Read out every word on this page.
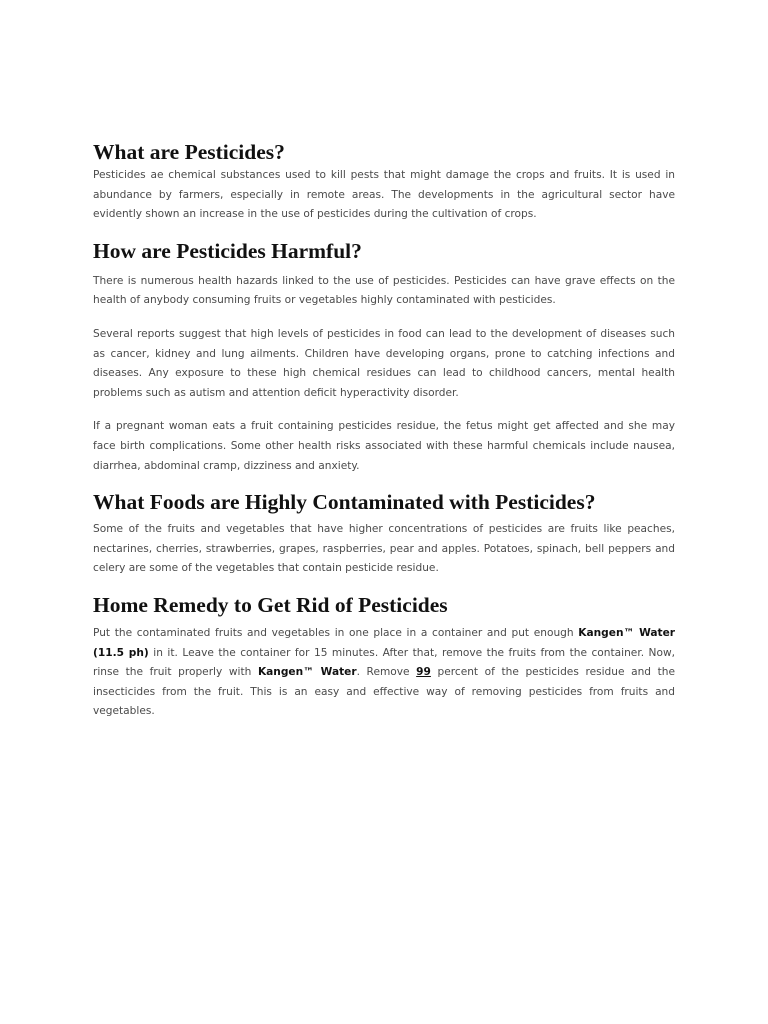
What are Pesticides?

Pesticides ae chemical substances used to kill pests that might damage the crops and fruits. It is used in abundance by farmers, especially in remote areas. The developments in the agricultural sector have evidently shown an increase in the use of pesticides during the cultivation of crops.

How are Pesticides Harmful?

There is numerous health hazards linked to the use of pesticides. Pesticides can have grave effects on the health of anybody consuming fruits or vegetables highly contaminated with pesticides.

Several reports suggest that high levels of pesticides in food can lead to the development of diseases such as cancer, kidney and lung ailments. Children have developing organs, prone to catching infections and diseases. Any exposure to these high chemical residues can lead to childhood cancers, mental health problems such as autism and attention deficit hyperactivity disorder.

If a pregnant woman eats a fruit containing pesticides residue, the fetus might get affected and she may face birth complications. Some other health risks associated with these harmful chemicals include nausea, diarrhea, abdominal cramp, dizziness and anxiety.

What Foods are Highly Contaminated with Pesticides?

Some of the fruits and vegetables that have higher concentrations of pesticides are fruits like peaches, nectarines, cherries, strawberries, grapes, raspberries, pear and apples. Potatoes, spinach, bell peppers and celery are some of the vegetables that contain pesticide residue.

Home Remedy to Get Rid of Pesticides

Put the contaminated fruits and vegetables in one place in a container and put enough Kangen™ Water (11.5 ph) in it. Leave the container for 15 minutes. After that, remove the fruits from the container. Now, rinse the fruit properly with Kangen™ Water. Remove 99 percent of the pesticides residue and the insecticides from the fruit. This is an easy and effective way of removing pesticides from fruits and vegetables.
